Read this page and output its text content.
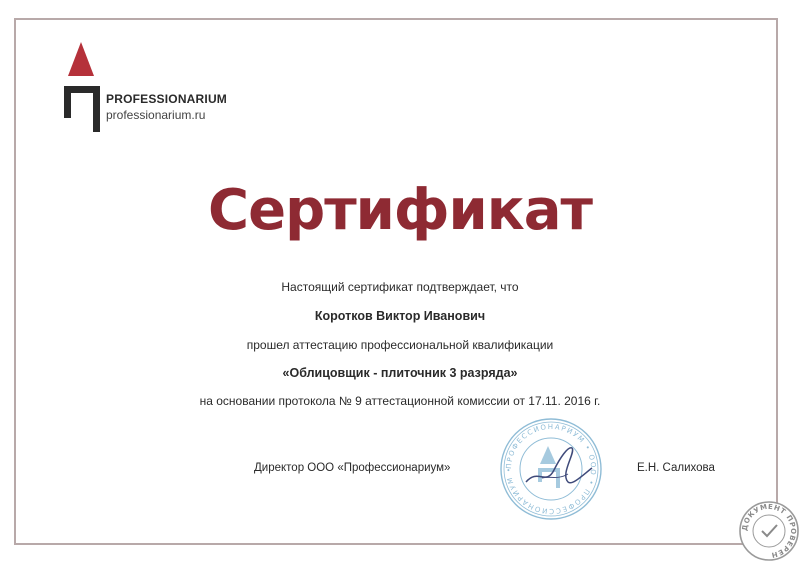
PROFESSIONARIUM
professionarium.ru
Сертификат
Настоящий сертификат подтверждает, что
Коротков Виктор Иванович
прошел аттестацию профессиональной квалификации
«Облицовщик - плиточник 3 разряда»
на основании протокола № 9 аттестационной комиссии от 17.11. 2016 г.
Директор ООО «Профессионариум»	Е.Н. Салихова
ПРОФЕССИОНАРИУМ • ООО • ПРОФЕССИОНАРИУМ •
ДОКУМЕНТ ПРОВЕРЕН
